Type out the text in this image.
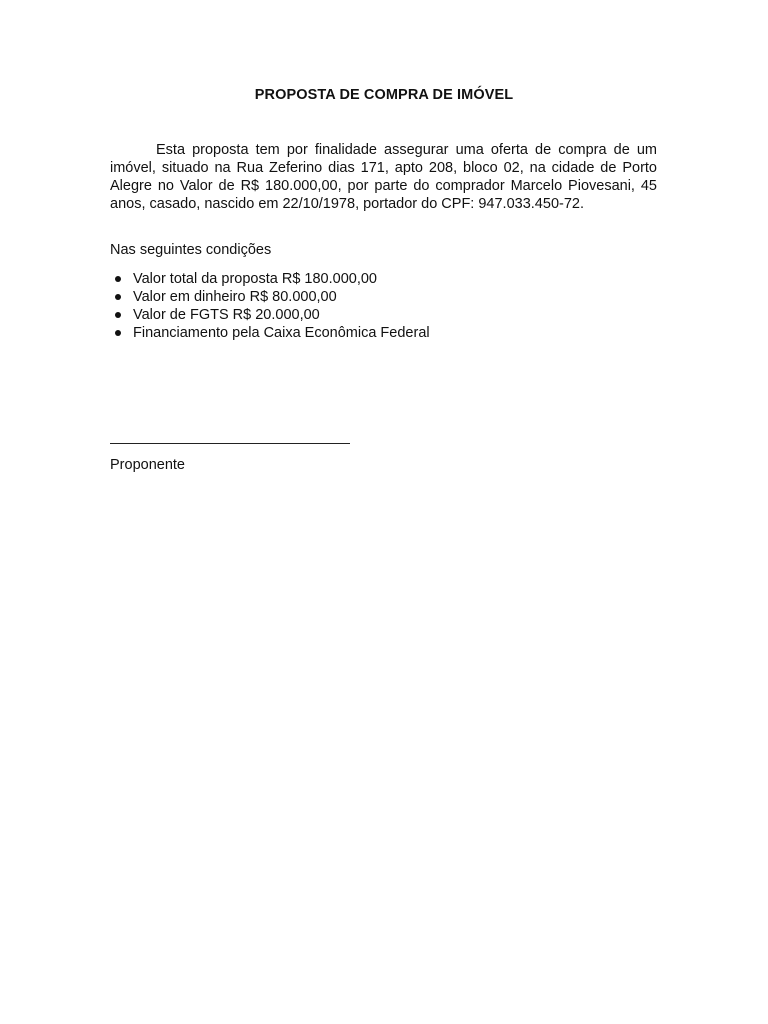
PROPOSTA DE COMPRA DE IMÓVEL

Esta proposta tem por finalidade assegurar uma oferta de compra de um imóvel, situado na Rua Zeferino dias 171, apto 208, bloco 02, na cidade de Porto Alegre no Valor de R$ 180.000,00, por parte do comprador Marcelo Piovesani, 45 anos, casado, nascido em 22/10/1978, portador do CPF: 947.033.450-72.

Nas seguintes condições

Valor total da proposta R$ 180.000,00
Valor em dinheiro R$ 80.000,00
Valor de FGTS R$ 20.000,00
Financiamento pela Caixa Econômica Federal

Proponente
